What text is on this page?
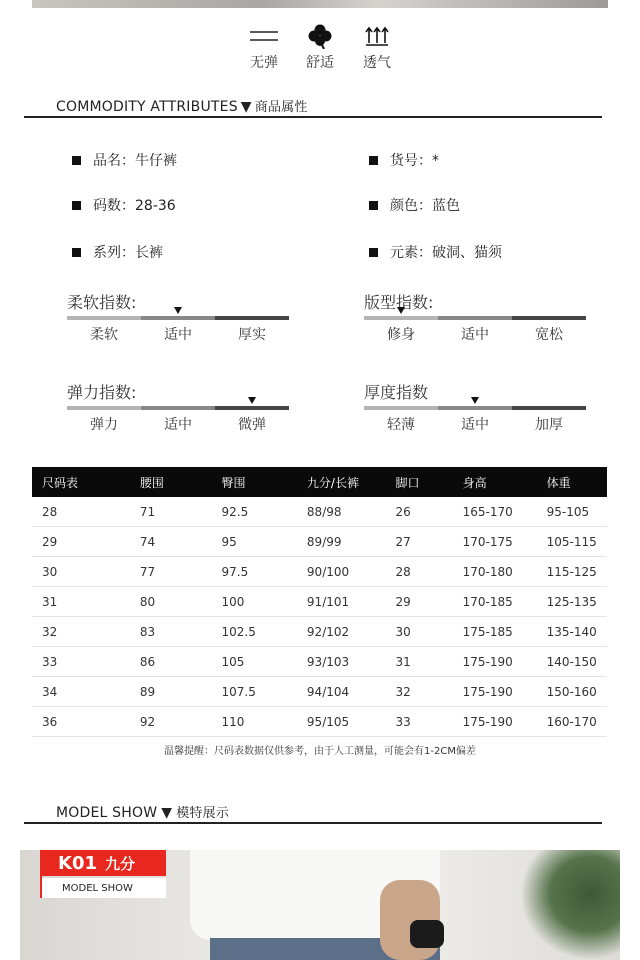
无弹	舒适	透气
COMMODITY ATTRIBUTES ▼ 商品属性
品名：牛仔裤	货号：*
码数：28-36	颜色：蓝色
系列：长裤	元素：破洞、猫须
柔软指数:
柔软	适中	厚实
版型指数:
修身	适中	宽松
弹力指数:
弹力	适中	微弹
厚度指数
轻薄	适中	加厚
尺码表	腰围	臀围	九分/长裤	脚口	身高	体重
28	71	92.5	88/98	26	165-170	95-105
29	74	95	89/99	27	170-175	105-115
30	77	97.5	90/100	28	170-180	115-125
31	80	100	91/101	29	170-185	125-135
32	83	102.5	92/102	30	175-185	135-140
33	86	105	93/103	31	175-190	140-150
34	89	107.5	94/104	32	175-190	150-160
36	92	110	95/105	33	175-190	160-170
温馨提醒：尺码表数据仅供参考，由于人工测量，可能会有1-2CM偏差
MODEL SHOW ▼ 模特展示
K01 九分
MODEL SHOW
